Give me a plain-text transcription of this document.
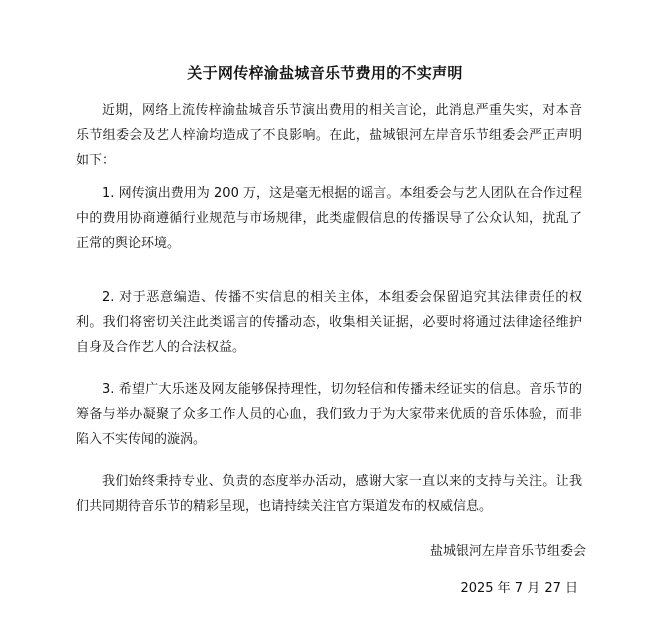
关于网传梓渝盐城音乐节费用的不实声明

近期，网络上流传梓渝盐城音乐节演出费用的相关言论，此消息严重失实，对本音乐节组委会及艺人梓渝均造成了不良影响。在此，盐城银河左岸音乐节组委会严正声明如下：

1. 网传演出费用为 200 万，这是毫无根据的谣言。本组委会与艺人团队在合作过程中的费用协商遵循行业规范与市场规律，此类虚假信息的传播误导了公众认知，扰乱了正常的舆论环境。

2. 对于恶意编造、传播不实信息的相关主体，本组委会保留追究其法律责任的权利。我们将密切关注此类谣言的传播动态，收集相关证据，必要时将通过法律途径维护自身及合作艺人的合法权益。

3. 希望广大乐迷及网友能够保持理性，切勿轻信和传播未经证实的信息。音乐节的筹备与举办凝聚了众多工作人员的心血，我们致力于为大家带来优质的音乐体验，而非陷入不实传闻的漩涡。

我们始终秉持专业、负责的态度举办活动，感谢大家一直以来的支持与关注。让我们共同期待音乐节的精彩呈现，也请持续关注官方渠道发布的权威信息。

盐城银河左岸音乐节组委会
2025 年 7 月 27 日
